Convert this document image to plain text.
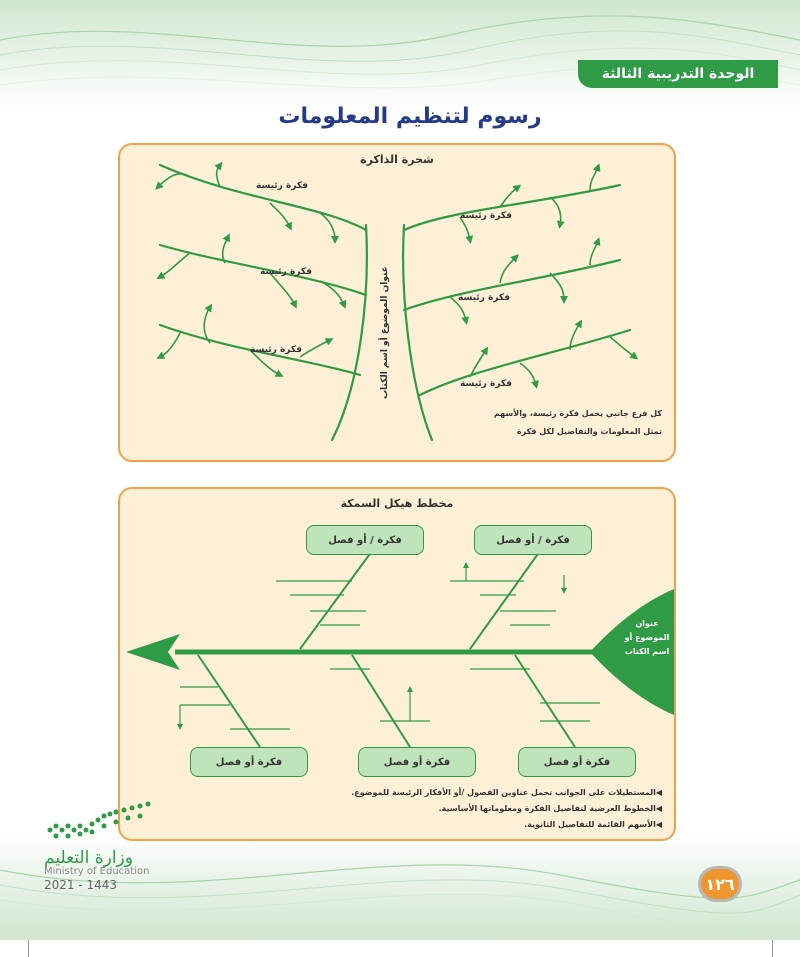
الوحدة التدريبية الثالثة
رسوم لتنظيم المعلومات
شجرة الذاكرة
فكرة رئيسة
فكرة رئيسة
فكرة رئيسة
فكرة رئيسة
فكرة رئيسة
فكرة رئيسة
عنوان الموضوع أو اسم الكتاب
كل فرع جانبي يحمل فكرة رئيسة، والأسهم
تمثل المعلومات والتفاصيل لكل فكرة
مخطط هيكل السمكة
فكرة / أو فصل	فكرة / أو فصل
فكرة أو فصل	فكرة أو فصل	فكرة أو فصل
عنوان الموضوع أو اسم الكتاب
◀المستطيلات على الجوانب تحمل عناوين الفصول /أو الأفكار الرئيسة للموضوع.
◀الخطوط العرضية لتفاصيل الفكرة ومعلوماتها الأساسية.
◀الأسهم القائمة للتفاصيل الثانوية.
وزارة التعليم
Ministry of Education
2021 - 1443	١٢٦
